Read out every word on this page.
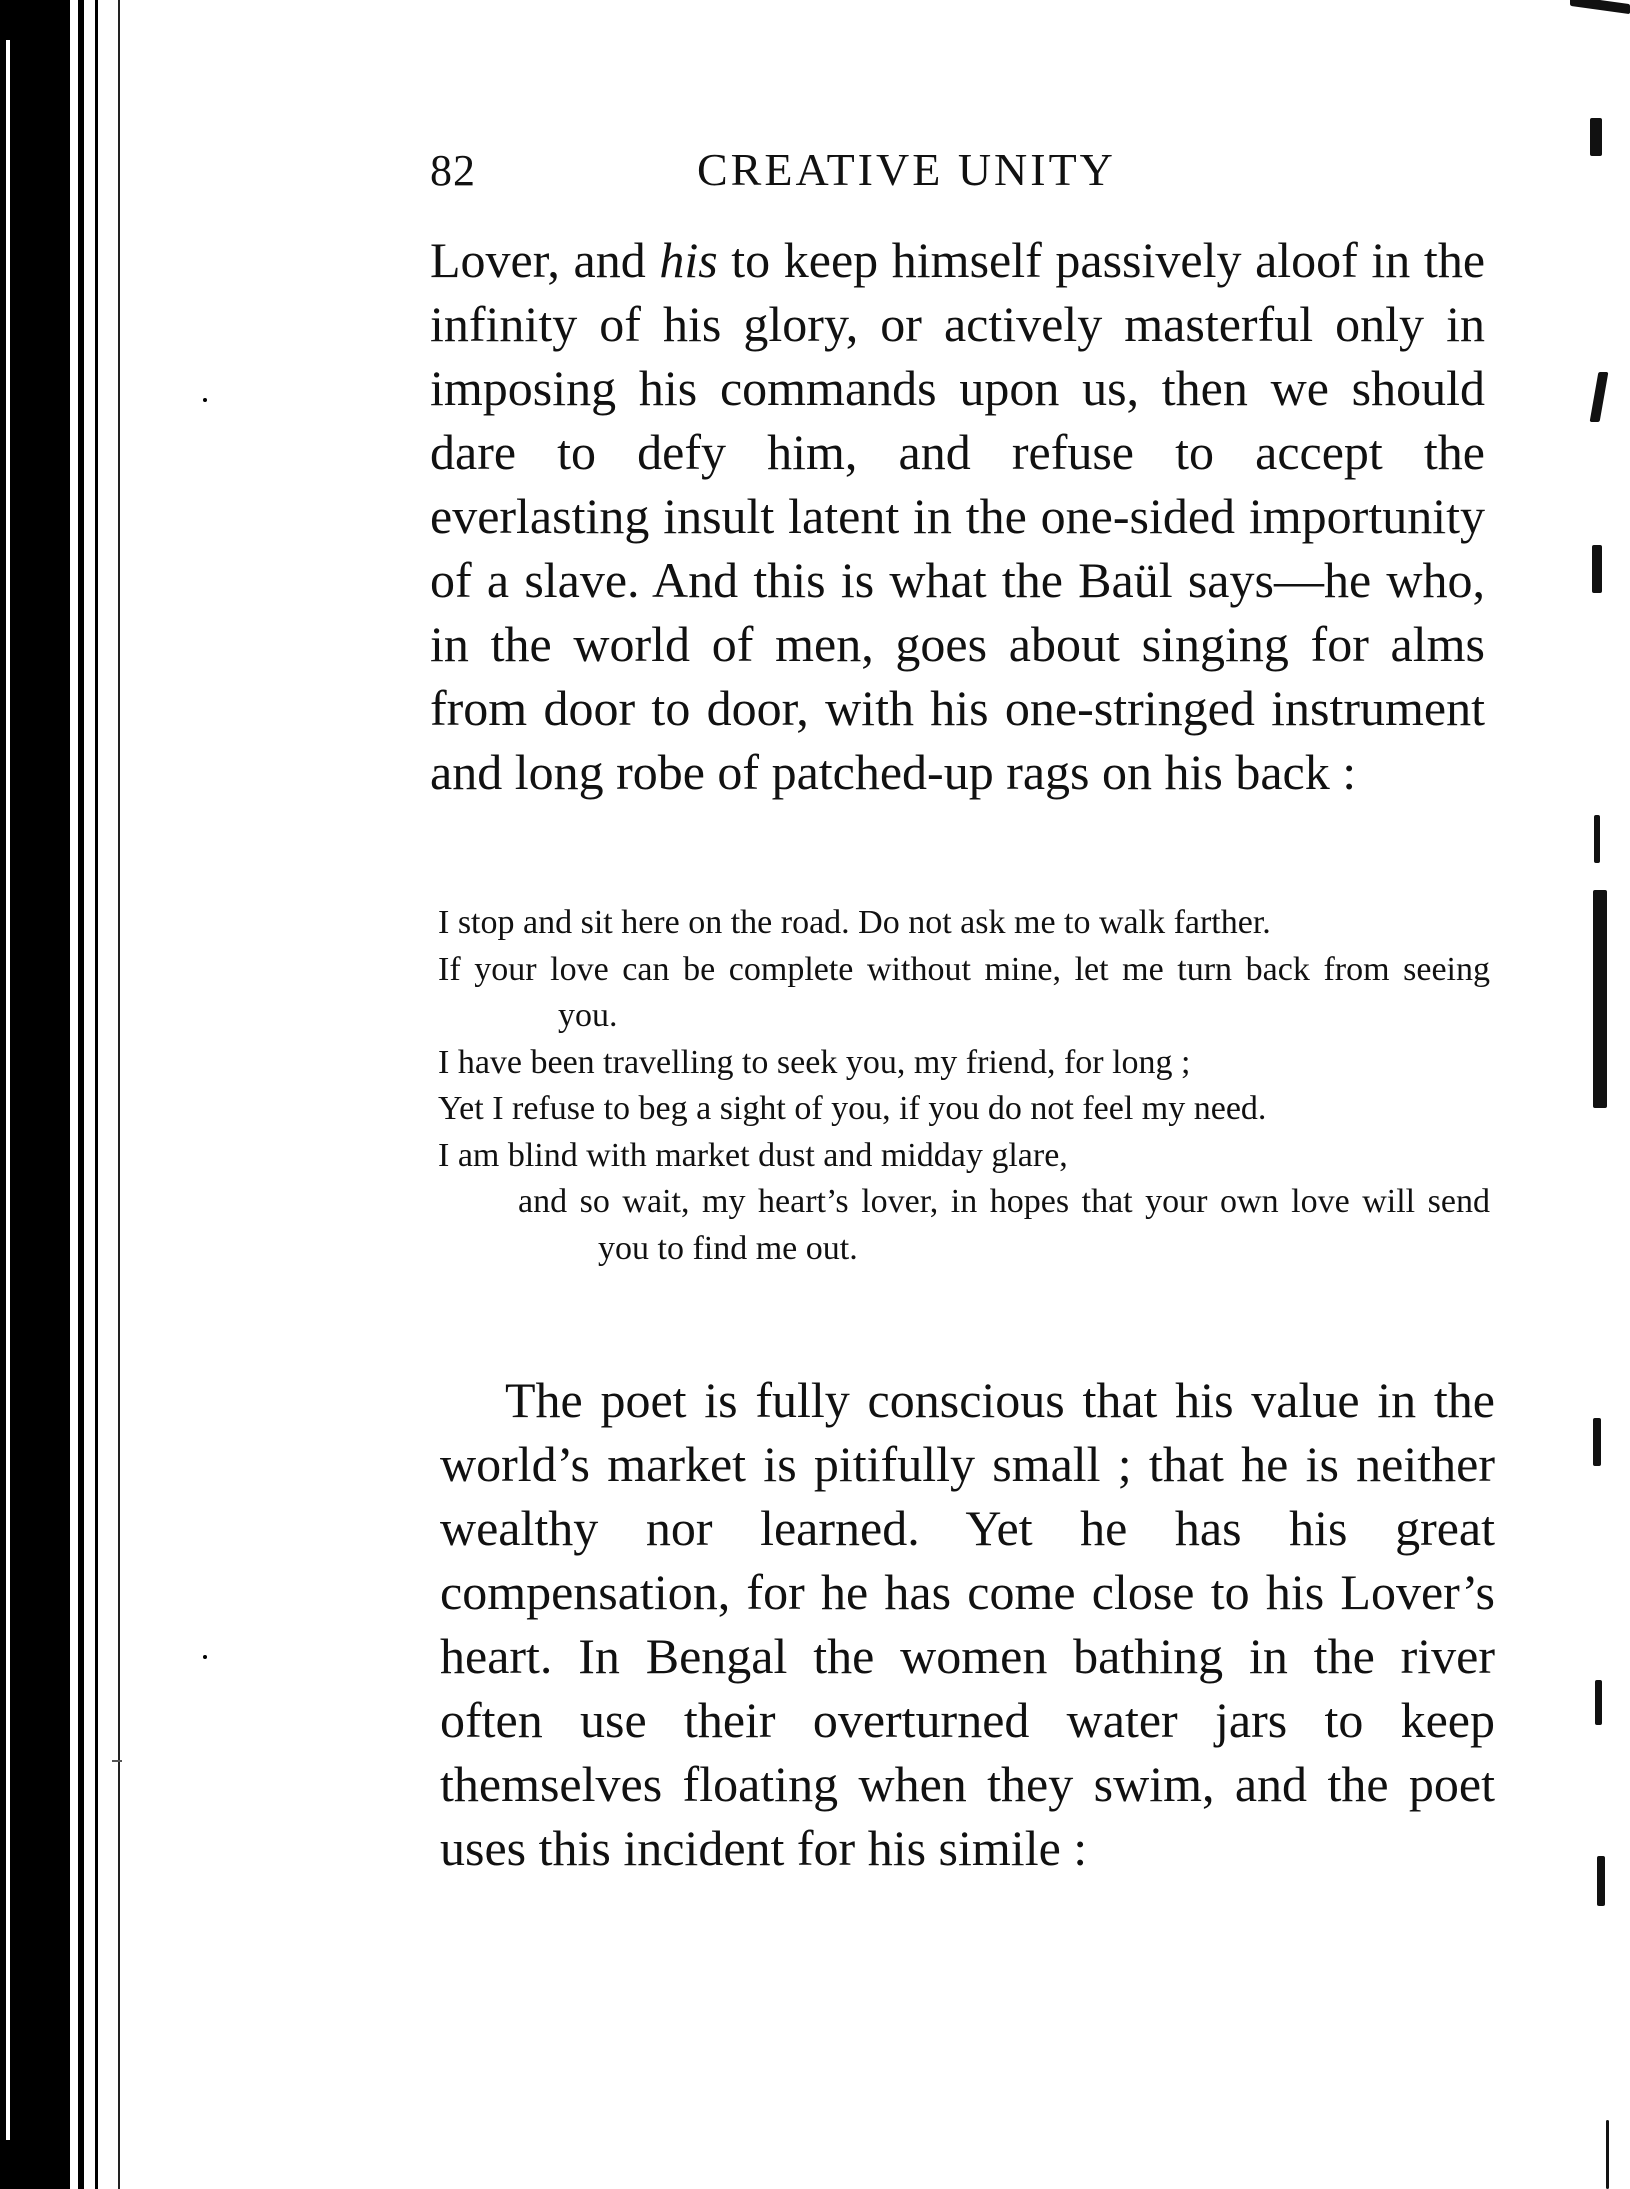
82	CREATIVE UNITY

Lover, and his to keep himself passively aloof in the infinity of his glory, or actively masterful only in imposing his commands upon us, then we should dare to defy him, and refuse to accept the everlasting insult latent in the one-sided importunity of a slave. And this is what the Baül says—he who, in the world of men, goes about singing for alms from door to door, with his one-stringed instrument and long robe of patched-up rags on his back :

I stop and sit here on the road. Do not ask me to walk farther.
If your love can be complete without mine, let me turn back from seeing you.
I have been travelling to seek you, my friend, for long ;
Yet I refuse to beg a sight of you, if you do not feel my need.
I am blind with market dust and midday glare,
and so wait, my heart’s lover, in hopes that your own love will send you to find me out.

The poet is fully conscious that his value in the world’s market is pitifully small ; that he is neither wealthy nor learned. Yet he has his great compensation, for he has come close to his Lover’s heart. In Bengal the women bathing in the river often use their overturned water jars to keep themselves floating when they swim, and the poet uses this incident for his simile :
